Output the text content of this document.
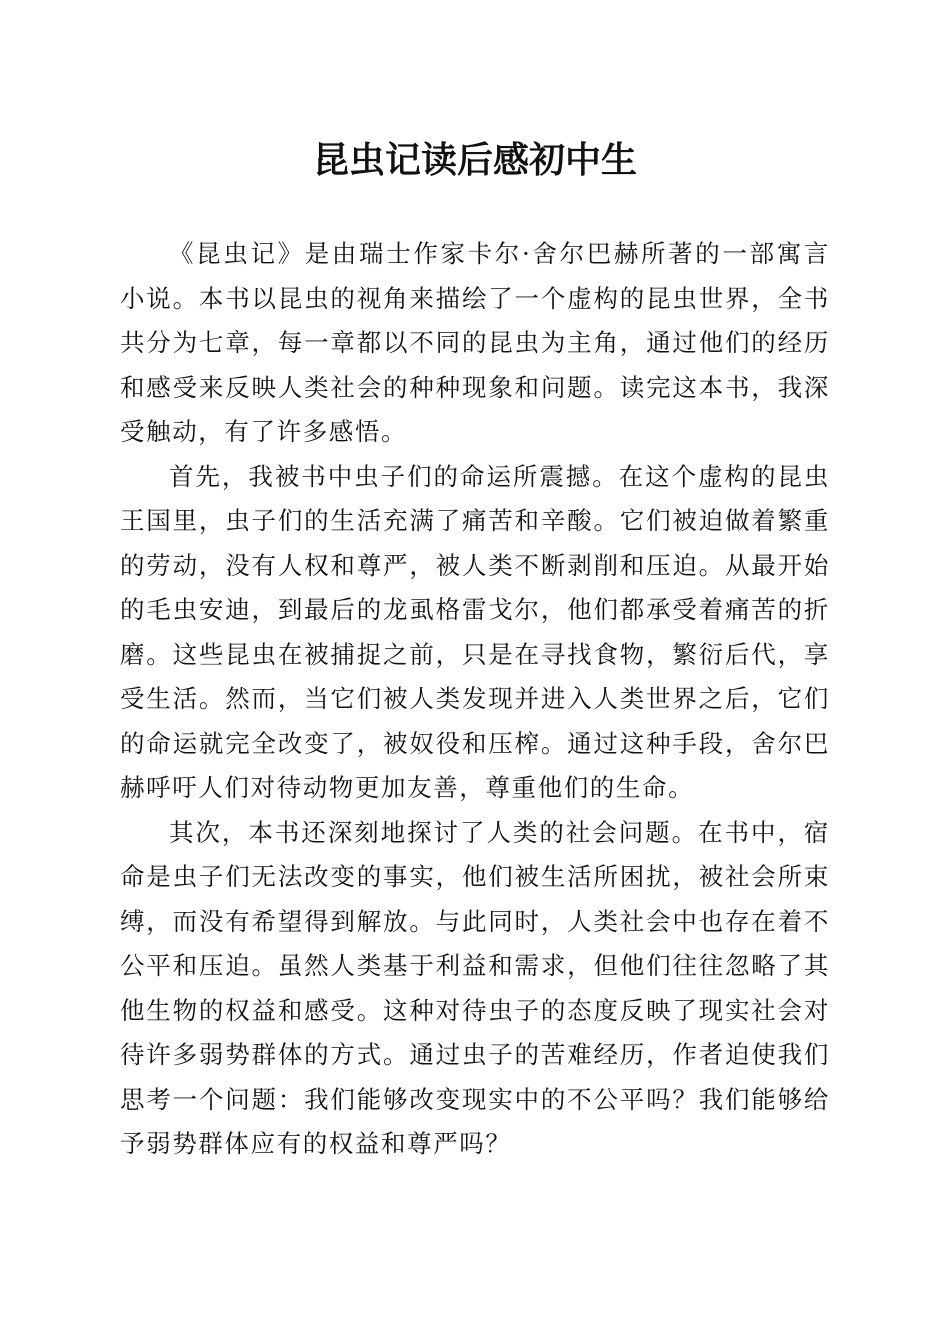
昆虫记读后感初中生

《昆虫记》是由瑞士作家卡尔·舍尔巴赫所著的一部寓言小说。本书以昆虫的视角来描绘了一个虚构的昆虫世界，全书共分为七章，每一章都以不同的昆虫为主角，通过他们的经历和感受来反映人类社会的种种现象和问题。读完这本书，我深受触动，有了许多感悟。

首先，我被书中虫子们的命运所震撼。在这个虚构的昆虫王国里，虫子们的生活充满了痛苦和辛酸。它们被迫做着繁重的劳动，没有人权和尊严，被人类不断剥削和压迫。从最开始的毛虫安迪，到最后的龙虱格雷戈尔，他们都承受着痛苦的折磨。这些昆虫在被捕捉之前，只是在寻找食物，繁衍后代，享受生活。然而，当它们被人类发现并进入人类世界之后，它们的命运就完全改变了，被奴役和压榨。通过这种手段，舍尔巴赫呼吁人们对待动物更加友善，尊重他们的生命。

其次，本书还深刻地探讨了人类的社会问题。在书中，宿命是虫子们无法改变的事实，他们被生活所困扰，被社会所束缚，而没有希望得到解放。与此同时，人类社会中也存在着不公平和压迫。虽然人类基于利益和需求，但他们往往忽略了其他生物的权益和感受。这种对待虫子的态度反映了现实社会对待许多弱势群体的方式。通过虫子的苦难经历，作者迫使我们思考一个问题：我们能够改变现实中的不公平吗？我们能够给予弱势群体应有的权益和尊严吗？
